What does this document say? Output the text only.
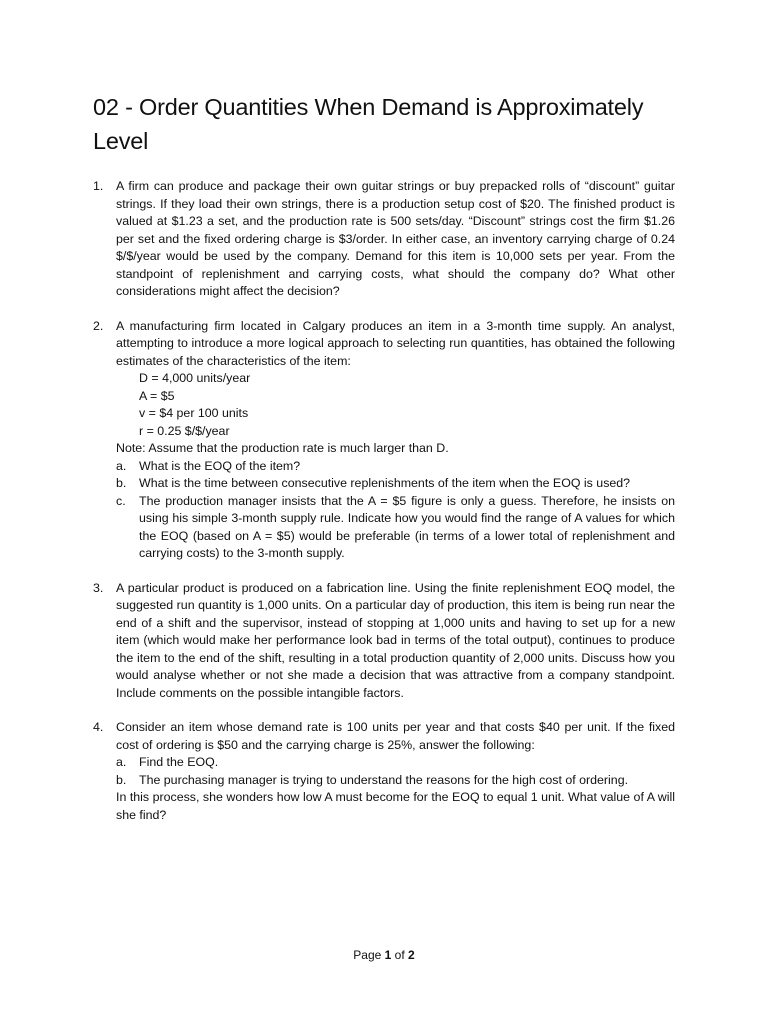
02 - Order Quantities When Demand is Approximately Level
1.	A firm can produce and package their own guitar strings or buy prepacked rolls of “discount” guitar strings. If they load their own strings, there is a production setup cost of $20. The finished product is valued at $1.23 a set, and the production rate is 500 sets/day. “Discount” strings cost the firm $1.26 per set and the fixed ordering charge is $3/order. In either case, an inventory carrying charge of 0.24 $/$/year would be used by the company. Demand for this item is 10,000 sets per year. From the standpoint of replenishment and carrying costs, what should the company do? What other considerations might affect the decision?

2.	A manufacturing firm located in Calgary produces an item in a 3-month time supply. An analyst, attempting to introduce a more logical approach to selecting run quantities, has obtained the following estimates of the characteristics of the item:

D = 4,000 units/year
A = $5
v = $4 per 100 units
r = 0.25 $/$/year

Note: Assume that the production rate is much larger than D.

a.	What is the EOQ of the item?
b.	What is the time between consecutive replenishments of the item when the EOQ is used?
c.	The production manager insists that the A = $5 figure is only a guess. Therefore, he insists on using his simple 3-month supply rule. Indicate how you would find the range of A values for which the EOQ (based on A = $5) would be preferable (in terms of a lower total of replenishment and carrying costs) to the 3-month supply.
3.	A particular product is produced on a fabrication line. Using the finite replenishment EOQ model, the suggested run quantity is 1,000 units. On a particular day of production, this item is being run near the end of a shift and the supervisor, instead of stopping at 1,000 units and having to set up for a new item (which would make her performance look bad in terms of the total output), continues to produce the item to the end of the shift, resulting in a total production quantity of 2,000 units. Discuss how you would analyse whether or not she made a decision that was attractive from a company standpoint. Include comments on the possible intangible factors.

4.	Consider an item whose demand rate is 100 units per year and that costs $40 per unit. If the fixed cost of ordering is $50 and the carrying charge is 25%, answer the following:

a.	Find the EOQ.
b.	The purchasing manager is trying to understand the reasons for the high cost of ordering.

In this process, she wonders how low A must become for the EOQ to equal 1 unit. What value of A will she find?

Page 1 of 2
